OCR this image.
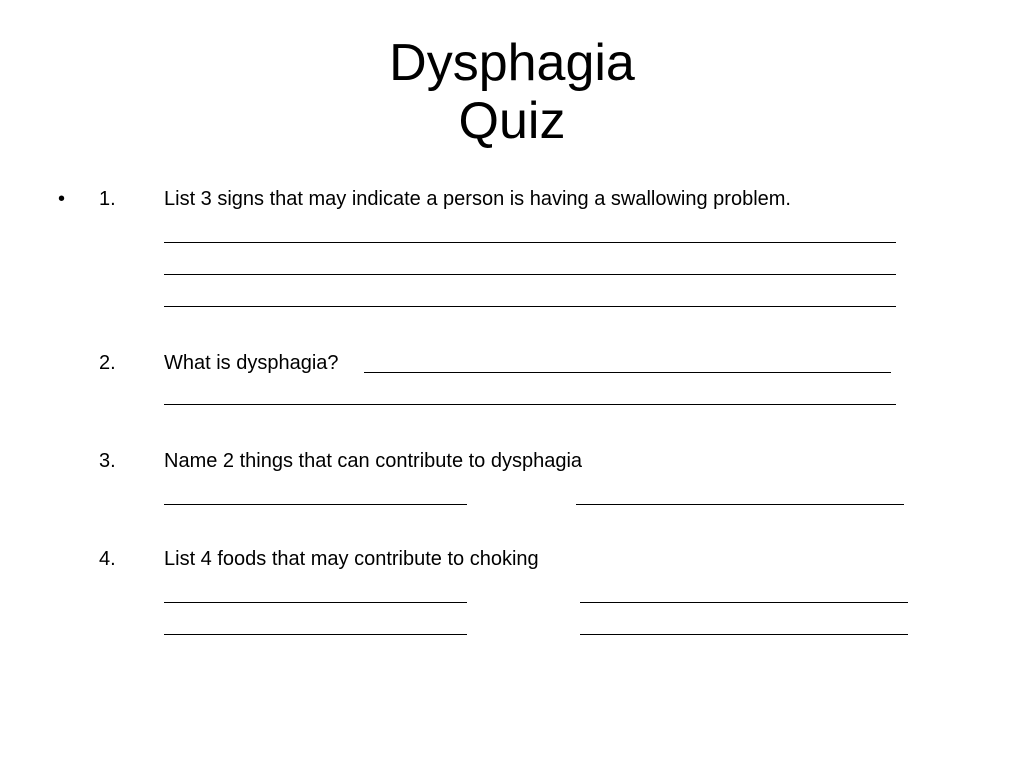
Dysphagia
Quiz
• 1. List 3 signs that may indicate a person is having a swallowing problem.
2. What is dysphagia?
3. Name 2 things that can contribute to dysphagia
4. List 4 foods that may contribute to choking
